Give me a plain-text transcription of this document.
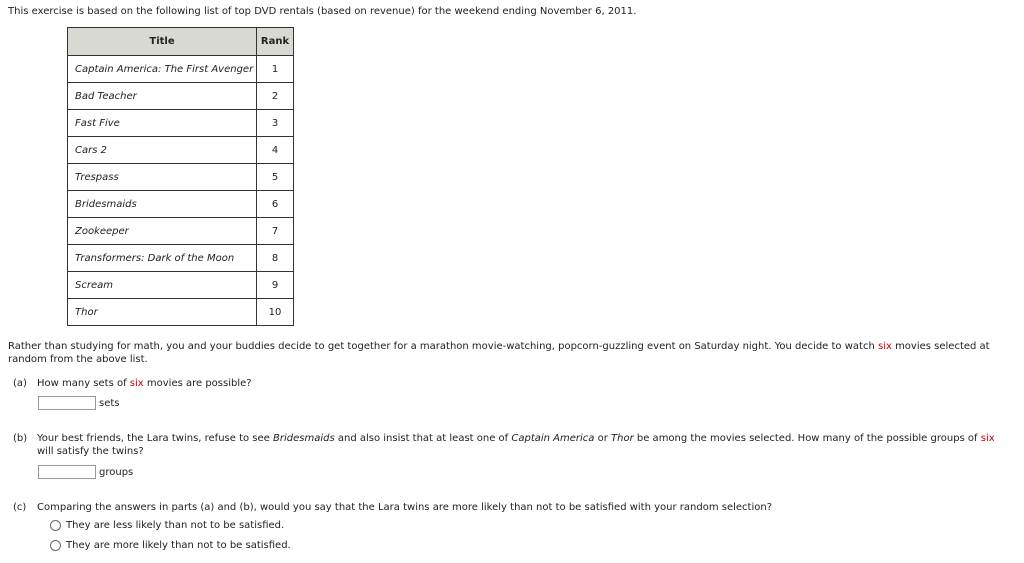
This exercise is based on the following list of top DVD rentals (based on revenue) for the weekend ending November 6, 2011.
Title	Rank
Captain America: The First Avenger	1
Bad Teacher	2
Fast Five	3
Cars 2	4
Trespass	5
Bridesmaids	6
Zookeeper	7
Transformers: Dark of the Moon	8
Scream	9
Thor	10
Rather than studying for math, you and your buddies decide to get together for a marathon movie-watching, popcorn-guzzling event on Saturday night. You decide to watch six movies selected at random from the above list.
(a) How many sets of six movies are possible?
sets
(b) Your best friends, the Lara twins, refuse to see Bridesmaids and also insist that at least one of Captain America or Thor be among the movies selected. How many of the possible groups of six
will satisfy the twins?
groups
(c) Comparing the answers in parts (a) and (b), would you say that the Lara twins are more likely than not to be satisfied with your random selection?
They are less likely than not to be satisfied.
They are more likely than not to be satisfied.
